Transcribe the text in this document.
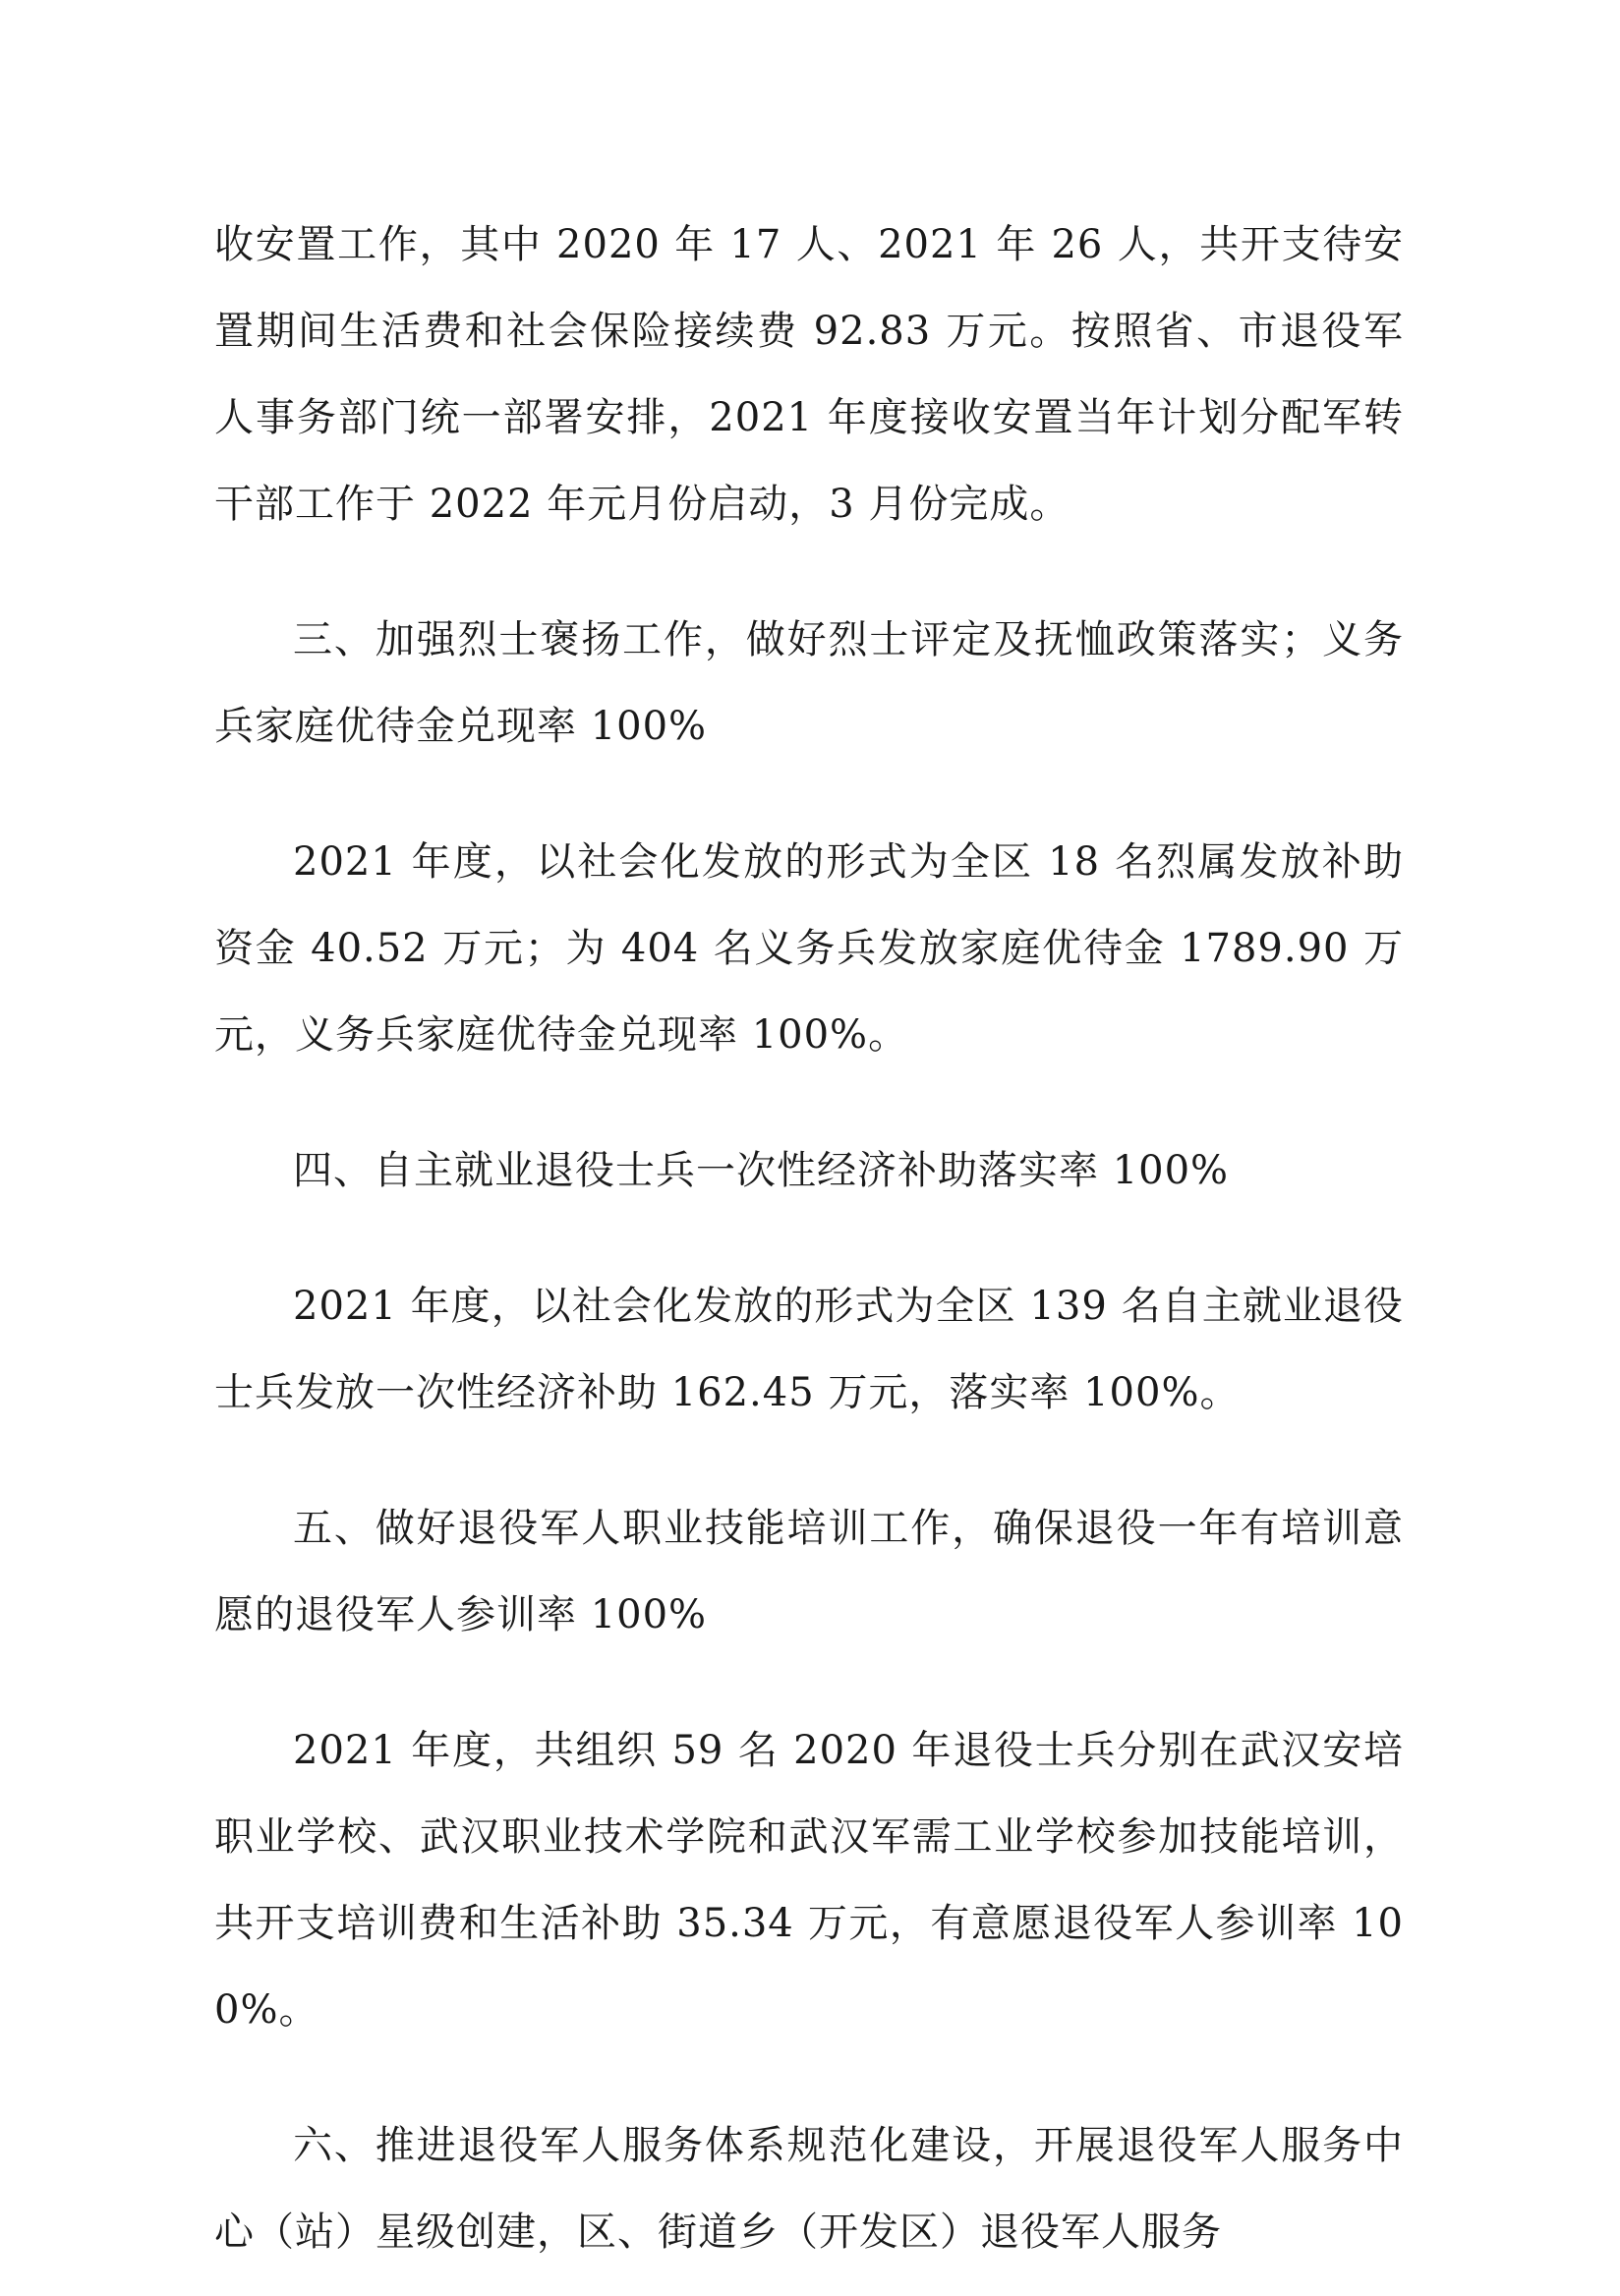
收安置工作，其中 2020 年 17 人、2021 年 26 人，共开支待安置期间生活费和社会保险接续费 92.83 万元。按照省、市退役军人事务部门统一部署安排，2021 年度接收安置当年计划分配军转干部工作于 2022 年元月份启动，3 月份完成。

三、加强烈士褒扬工作，做好烈士评定及抚恤政策落实；义务兵家庭优待金兑现率 100%

2021 年度，以社会化发放的形式为全区 18 名烈属发放补助资金 40.52 万元；为 404 名义务兵发放家庭优待金 1789.90 万元，义务兵家庭优待金兑现率 100%。

四、自主就业退役士兵一次性经济补助落实率 100%

2021 年度，以社会化发放的形式为全区 139 名自主就业退役士兵发放一次性经济补助 162.45 万元，落实率 100%。

五、做好退役军人职业技能培训工作，确保退役一年有培训意愿的退役军人参训率 100%

2021 年度，共组织 59 名 2020 年退役士兵分别在武汉安培职业学校、武汉职业技术学院和武汉军需工业学校参加技能培训，共开支培训费和生活补助 35.34 万元，有意愿退役军人参训率 100%。

六、推进退役军人服务体系规范化建设，开展退役军人服务中心（站）星级创建，区、街道乡（开发区）退役军人服务
